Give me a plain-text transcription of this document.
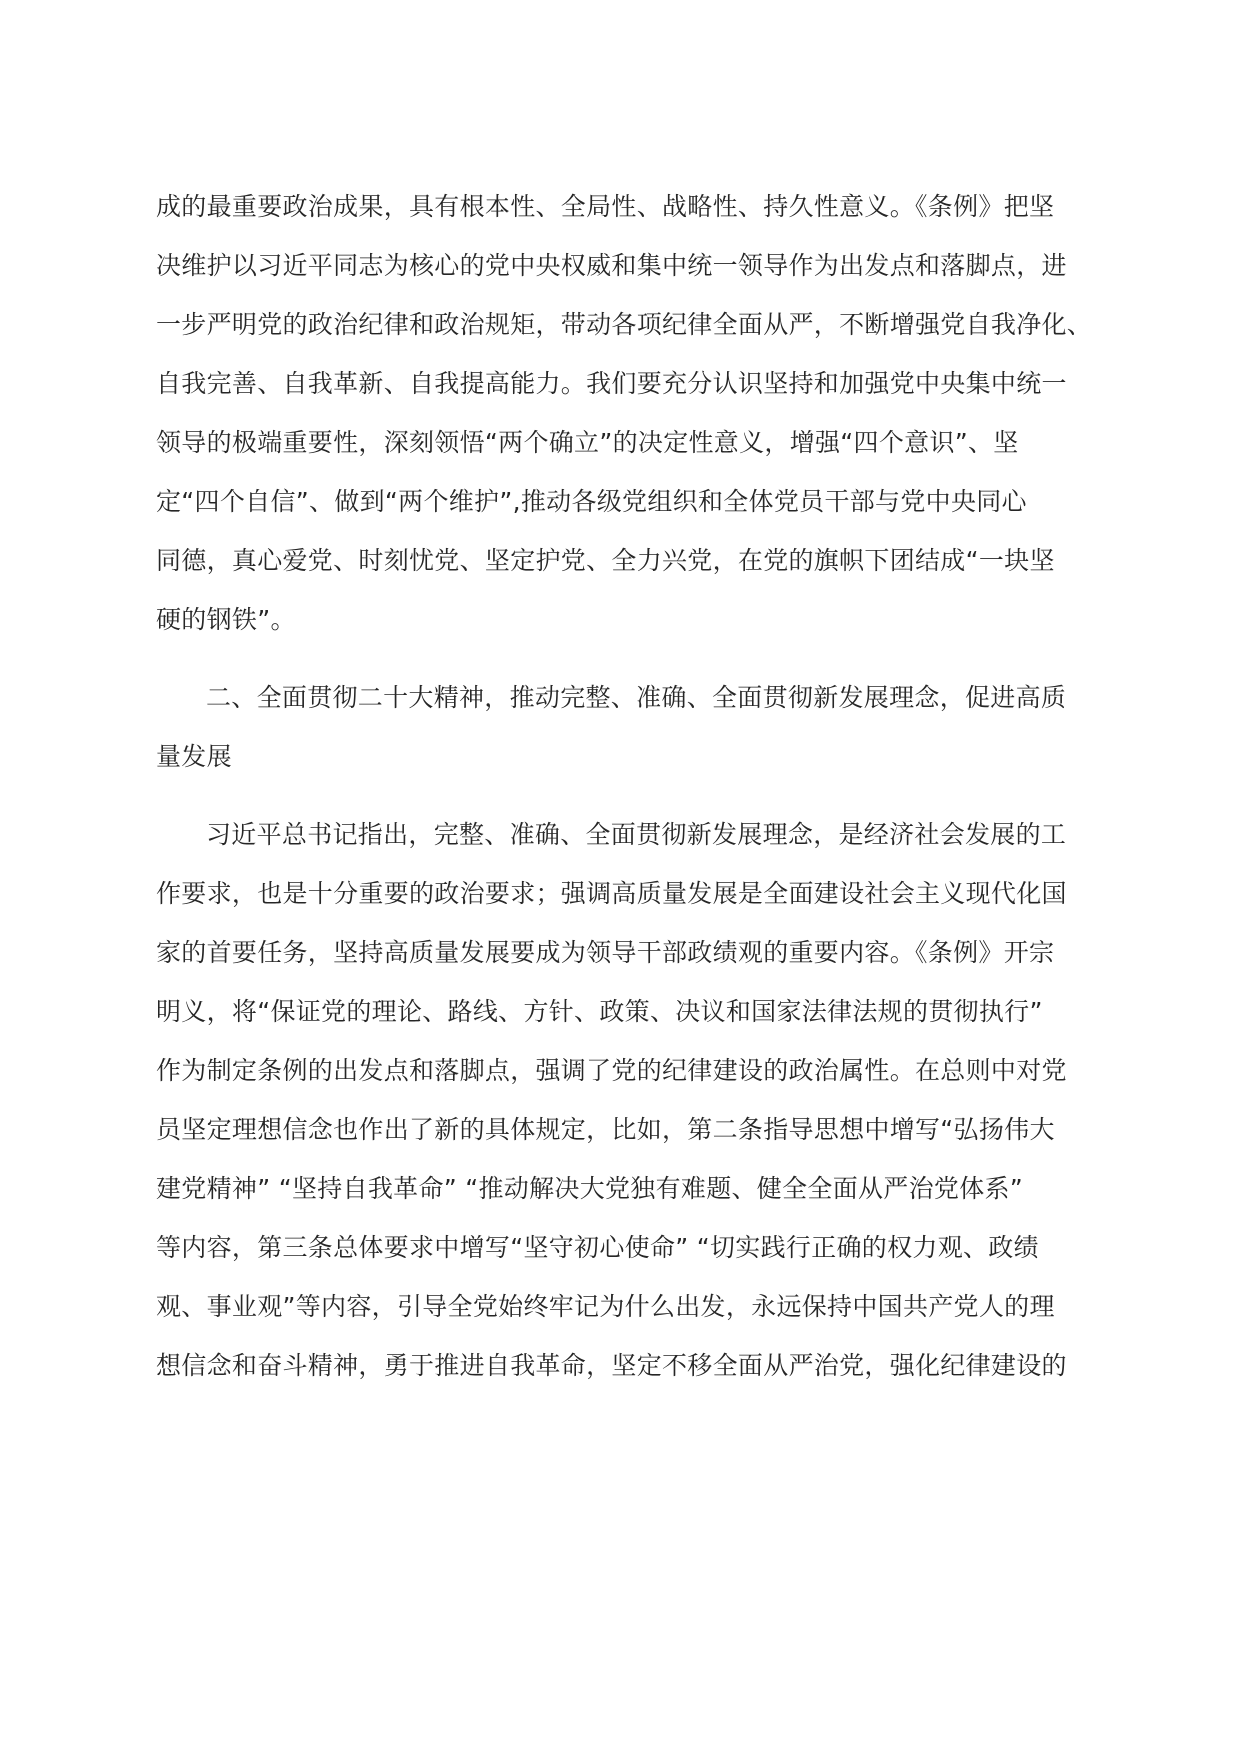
成的最重要政治成果，具有根本性、全局性、战略性、持久性意义。《条例》把坚
决维护以习近平同志为核心的党中央权威和集中统一领导作为出发点和落脚点，进
一步严明党的政治纪律和政治规矩，带动各项纪律全面从严，不断增强党自我净化、
自我完善、自我革新、自我提高能力。我们要充分认识坚持和加强党中央集中统一
领导的极端重要性，深刻领悟“两个确立”的决定性意义，增强“四个意识”、坚
定“四个自信”、做到“两个维护”,推动各级党组织和全体党员干部与党中央同心
同德，真心爱党、时刻忧党、坚定护党、全力兴党，在党的旗帜下团结成“一块坚
硬的钢铁”。
二、全面贯彻二十大精神，推动完整、准确、全面贯彻新发展理念，促进高质
量发展
习近平总书记指出，完整、准确、全面贯彻新发展理念，是经济社会发展的工
作要求，也是十分重要的政治要求；强调高质量发展是全面建设社会主义现代化国
家的首要任务，坚持高质量发展要成为领导干部政绩观的重要内容。《条例》开宗
明义，将“保证党的理论、路线、方针、政策、决议和国家法律法规的贯彻执行”
作为制定条例的出发点和落脚点，强调了党的纪律建设的政治属性。在总则中对党
员坚定理想信念也作出了新的具体规定，比如，第二条指导思想中增写“弘扬伟大
建党精神” “坚持自我革命” “推动解决大党独有难题、健全全面从严治党体系”
等内容，第三条总体要求中增写“坚守初心使命” “切实践行正确的权力观、政绩
观、事业观”等内容，引导全党始终牢记为什么出发，永远保持中国共产党人的理
想信念和奋斗精神，勇于推进自我革命，坚定不移全面从严治党，强化纪律建设的
